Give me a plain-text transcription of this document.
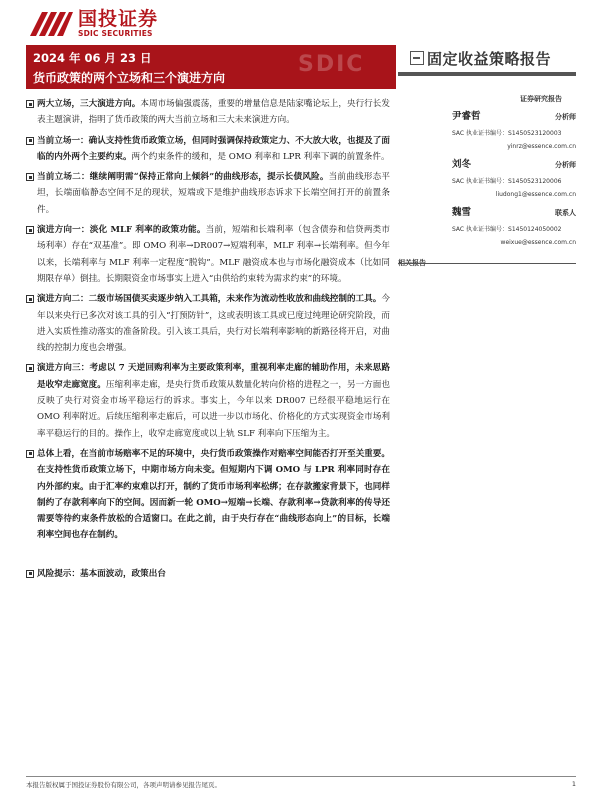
国投证券
SDIC SECURITIES
2024 年 06 月 23 日
货币政策的两个立场和三个演进方向
SDIC	固定收益策略报告
证券研究报告
尹睿哲	分析师
SAC 执业证书编号：S1450523120003
yinrz@essence.com.cn
刘冬	分析师
SAC 执业证书编号：S1450523120006
liudong1@essence.com.cn
魏雪	联系人
SAC 执业证书编号：S1450124050002
weixue@essence.com.cn
两大立场，三大演进方向。本周市场偏强震荡，重要的增量信息是陆家嘴论坛上，央行行长发表主题演讲，指明了货币政策的两大当前立场和三大未来演进方向。
当前立场一：确认支持性货币政策立场，但同时强调保持政策定力、不大放大收，也提及了面临的内外两个主要约束。两个约束条件的缓和，是 OMO 利率和 LPR 利率下调的前置条件。
当前立场二：继续阐明需“保持正常向上倾斜”的曲线形态，提示长债风险。当前曲线形态平坦，长端面临静态空间不足的现状，短端或下是维护曲线形态诉求下长端空间打开的前置条件。
演进方向一：淡化 MLF 利率的政策功能。当前，短端和长端利率（包含债券和信贷两类市场利率）存在“双基准”。即 OMO 利率→DR007→短端利率，MLF 利率→长端利率。但今年以来，长端利率与 MLF 利率一定程度“脱钩”。MLF 融资成本也与市场化融资成本（比如同期限存单）倒挂。长期限资金市场事实上进入“由供给约束转为需求约束”的环境。
演进方向二：二级市场国债买卖逐步纳入工具箱，未来作为流动性收放和曲线控制的工具。今年以来央行已多次对该工具的引入“打预防针”，这或表明该工具或已度过纯理论研究阶段，而进入实质性推动落实的准备阶段。引入该工具后，央行对长端利率影响的新路径将开启，对曲线的控制力度也会增强。
演进方向三：考虑以 7 天逆回购利率为主要政策利率，重视利率走廊的辅助作用，未来思路是收窄走廊宽度。压缩利率走廊，是央行货币政策从数量化转向价格的进程之一，另一方面也反映了央行对资金市场平稳运行的诉求。事实上，今年以来 DR007 已经很平稳地运行在 OMO 利率附近。后续压缩利率走廊后，可以进一步以市场化、价格化的方式实现资金市场利率平稳运行的目的。操作上，收窄走廊宽度或以上轨 SLF 利率向下压缩为主。
总体上看，在当前市场赔率不足的环境中，央行货币政策操作对赔率空间能否打开至关重要。在支持性货币政策立场下，中期市场方向未变。但短期内下调 OMO 与 LPR 利率同时存在内外部约束。由于汇率约束难以打开，制约了货币市场利率松绑；在存款搬家背景下，也同样制约了存款利率向下的空间。因而新一轮 OMO→短端→长端、存款利率→贷款利率的传导还需要等待约束条件放松的合适窗口。在此之前，由于央行存在“曲线形态向上”的目标，长端利率空间也存在制约。
风险提示：基本面波动，政策出台
本报告版权属于国投证券股份有限公司，各项声明请参见报告尾页。	1
